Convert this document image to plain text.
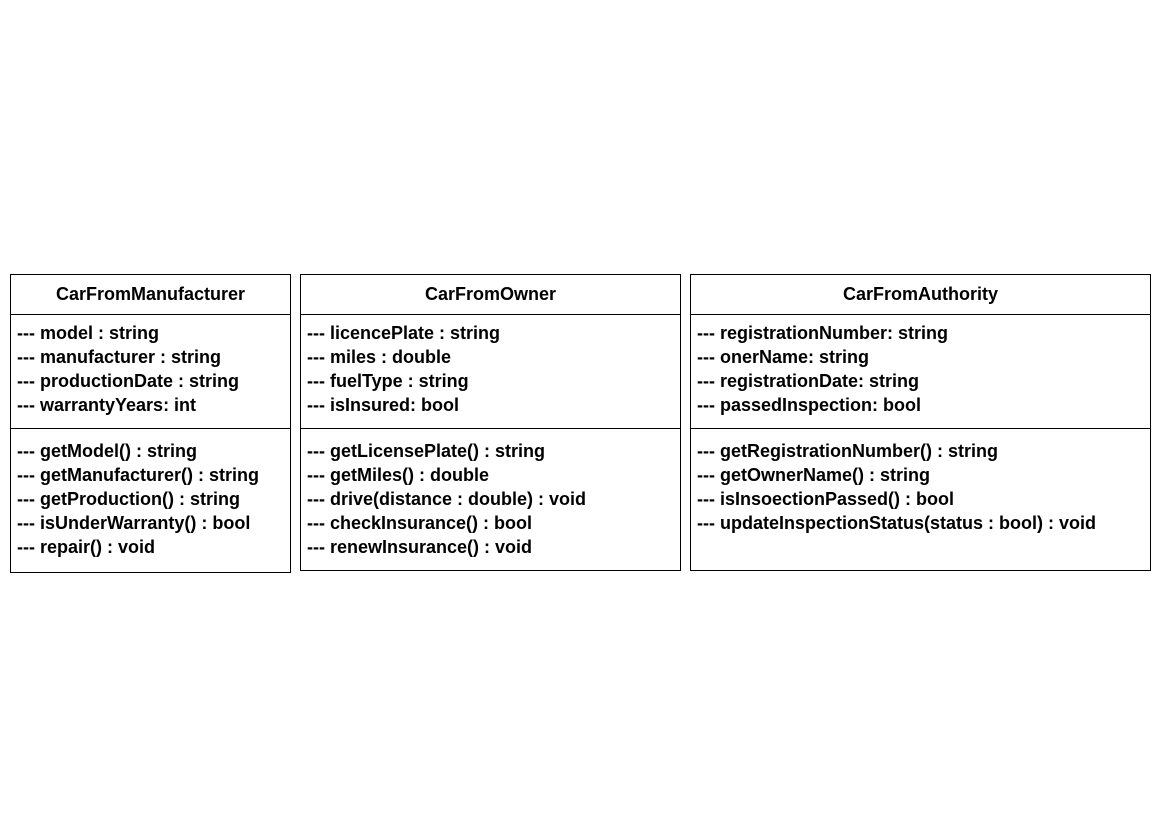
CarFromManufacturer
--- model : string
--- manufacturer : string
--- productionDate : string
--- warrantyYears: int
--- getModel() : string
--- getManufacturer() : string
--- getProduction() : string
--- isUnderWarranty() : bool
--- repair() : void
CarFromOwner
--- licencePlate : string
--- miles : double
--- fuelType : string
--- isInsured: bool
--- getLicensePlate() : string
--- getMiles() : double
--- drive(distance : double) : void
--- checkInsurance() : bool
--- renewInsurance() : void
CarFromAuthority
--- registrationNumber: string
--- onerName: string
--- registrationDate: string
--- passedInspection: bool
--- getRegistrationNumber() : string
--- getOwnerName() : string
--- isInsoectionPassed() : bool
--- updateInspectionStatus(status : bool) : void
